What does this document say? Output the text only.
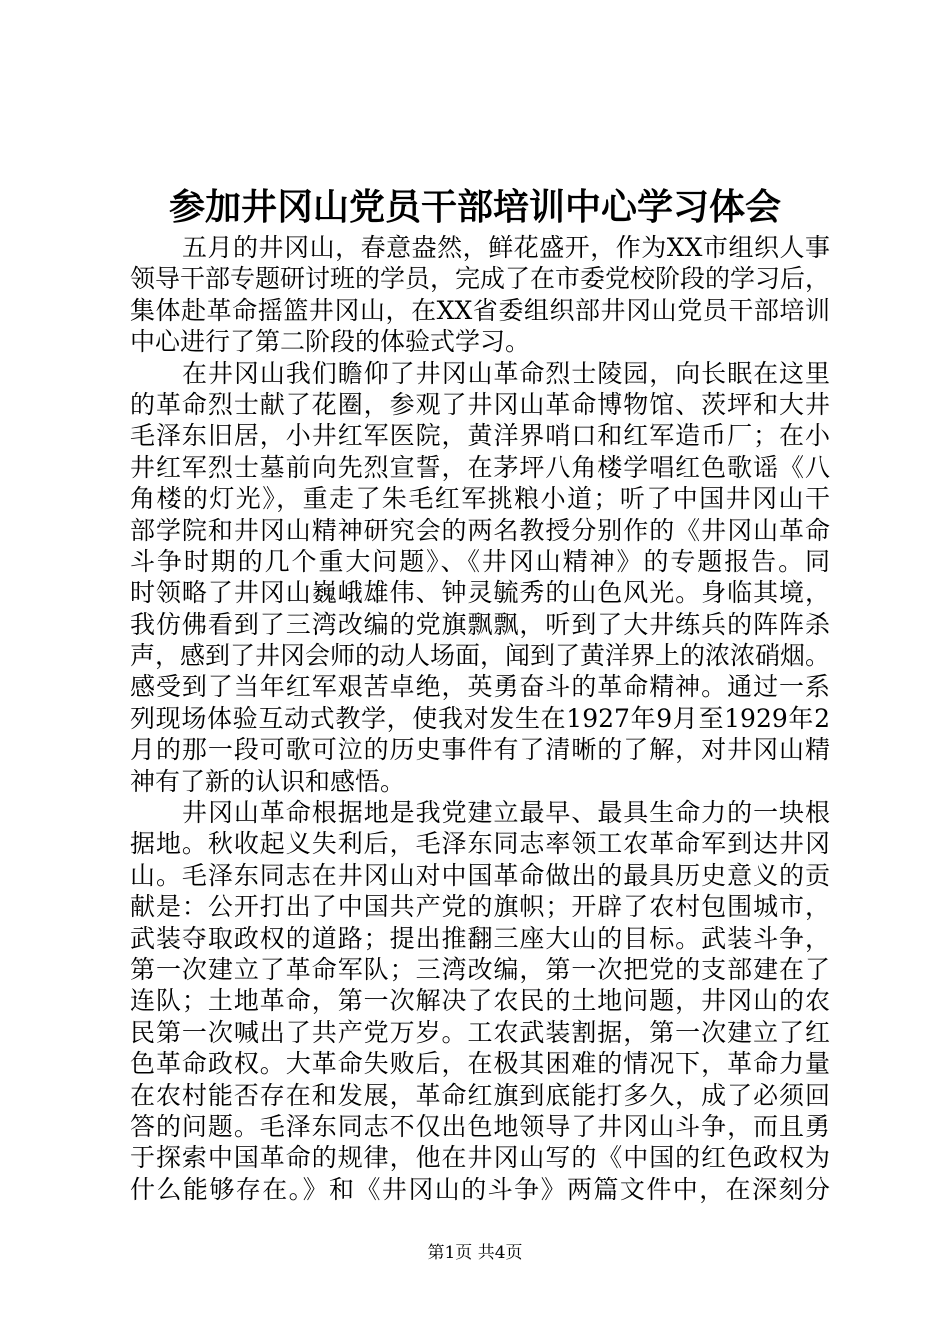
参加井冈山党员干部培训中心学习体会
五月的井冈山，春意盎然，鲜花盛开，作为XX市组织人事
领导干部专题研讨班的学员，完成了在市委党校阶段的学习后，
集体赴革命摇篮井冈山，在XX省委组织部井冈山党员干部培训
中心进行了第二阶段的体验式学习。
在井冈山我们瞻仰了井冈山革命烈士陵园，向长眠在这里
的革命烈士献了花圈，参观了井冈山革命博物馆、茨坪和大井
毛泽东旧居，小井红军医院，黄洋界哨口和红军造币厂；在小
井红军烈士墓前向先烈宣誓，在茅坪八角楼学唱红色歌谣《八
角楼的灯光》，重走了朱毛红军挑粮小道；听了中国井冈山干
部学院和井冈山精神研究会的两名教授分别作的《井冈山革命
斗争时期的几个重大问题》、《井冈山精神》的专题报告。同
时领略了井冈山巍峨雄伟、钟灵毓秀的山色风光。身临其境，
我仿佛看到了三湾改编的党旗飘飘，听到了大井练兵的阵阵杀
声，感到了井冈会师的动人场面，闻到了黄洋界上的浓浓硝烟。
感受到了当年红军艰苦卓绝，英勇奋斗的革命精神。通过一系
列现场体验互动式教学，使我对发生在1927年9月至1929年2
月的那一段可歌可泣的历史事件有了清晰的了解，对井冈山精
神有了新的认识和感悟。
井冈山革命根据地是我党建立最早、最具生命力的一块根
据地。秋收起义失利后，毛泽东同志率领工农革命军到达井冈
山。毛泽东同志在井冈山对中国革命做出的最具历史意义的贡
献是：公开打出了中国共产党的旗帜；开辟了农村包围城市，
武装夺取政权的道路；提出推翻三座大山的目标。武装斗争，
第一次建立了革命军队；三湾改编，第一次把党的支部建在了
连队；土地革命，第一次解决了农民的土地问题，井冈山的农
民第一次喊出了共产党万岁。工农武装割据，第一次建立了红
色革命政权。大革命失败后，在极其困难的情况下，革命力量
在农村能否存在和发展，革命红旗到底能打多久，成了必须回
答的问题。毛泽东同志不仅出色地领导了井冈山斗争，而且勇
于探索中国革命的规律，他在井冈山写的《中国的红色政权为
什么能够存在。》和《井冈山的斗争》两篇文件中，在深刻分
第1页 共4页
